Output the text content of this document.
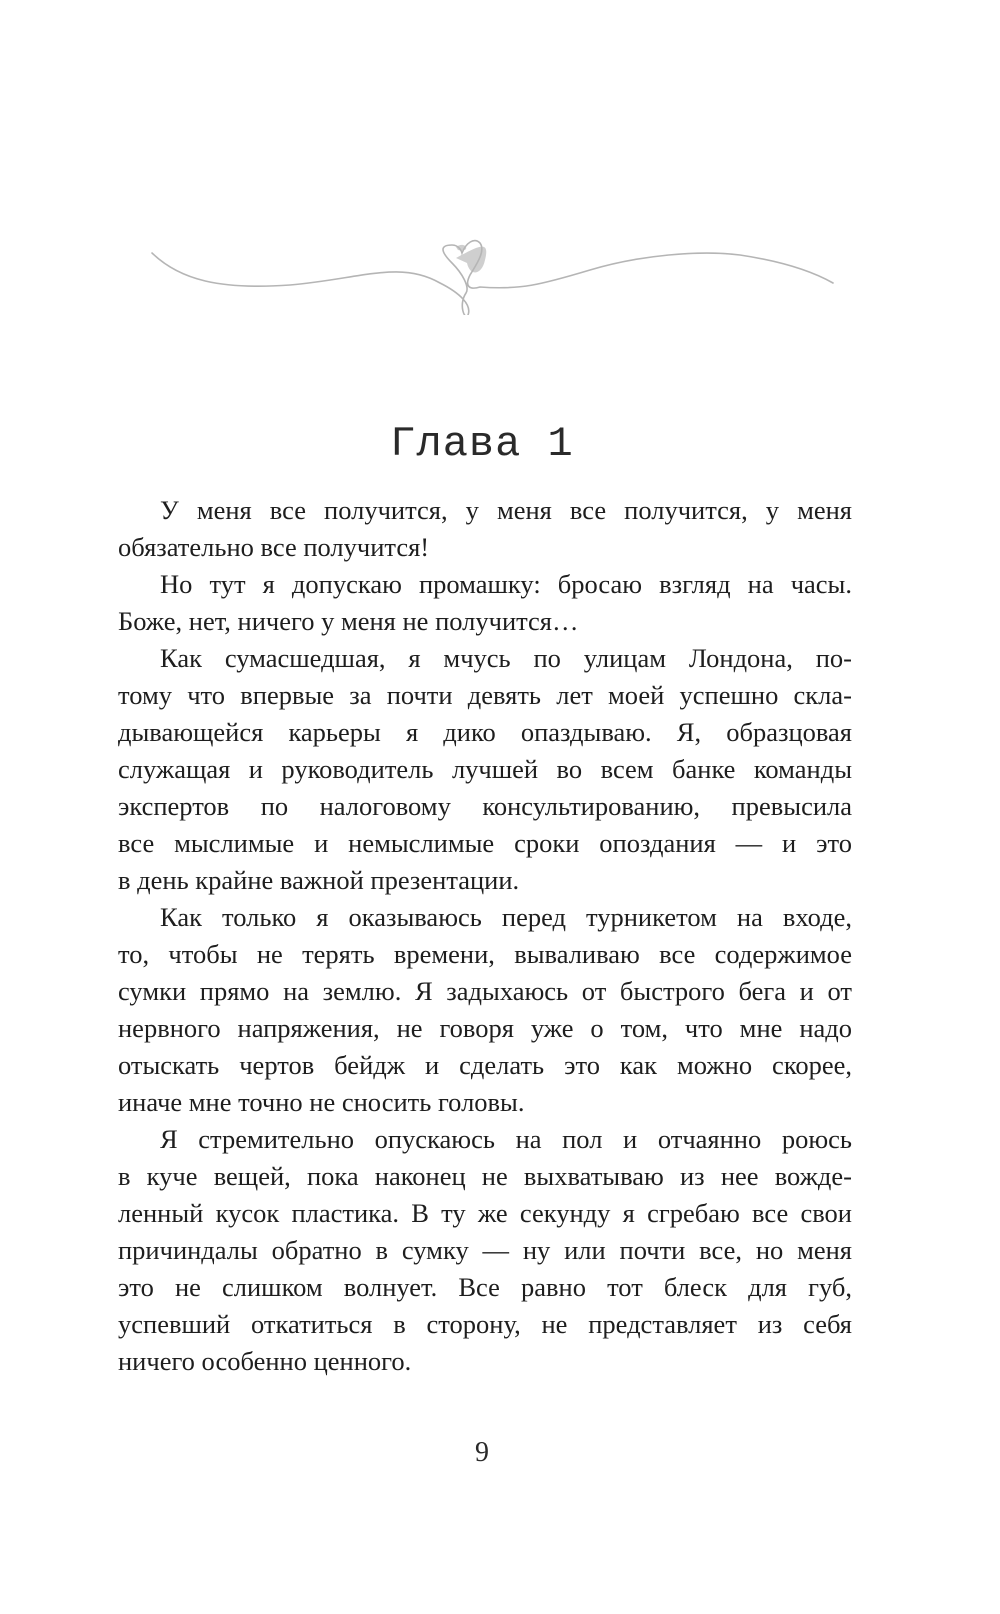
Глава 1
У меня все получится, у меня все получится, у меня
обязательно все получится!
Но тут я допускаю промашку: бросаю взгляд на часы.
Боже, нет, ничего у меня не получится…
Как сумасшедшая, я мчусь по улицам Лондона, по-
тому что впервые за почти девять лет моей успешно скла-
дывающейся карьеры я дико опаздываю. Я, образцовая
служащая и руководитель лучшей во всем банке команды
экспертов по налоговому консультированию, превысила
все мыслимые и немыслимые сроки опоздания — и это
в день крайне важной презентации.
Как только я оказываюсь перед турникетом на входе,
то, чтобы не терять времени, вываливаю все содержимое
сумки прямо на землю. Я задыхаюсь от быстрого бега и от
нервного напряжения, не говоря уже о том, что мне надо
отыскать чертов бейдж и сделать это как можно скорее,
иначе мне точно не сносить головы.
Я стремительно опускаюсь на пол и отчаянно роюсь
в куче вещей, пока наконец не выхватываю из нее вожде-
ленный кусок пластика. В ту же секунду я сгребаю все свои
причиндалы обратно в сумку — ну или почти все, но меня
это не слишком волнует. Все равно тот блеск для губ,
успевший откатиться в сторону, не представляет из себя
ничего особенно ценного.
9
